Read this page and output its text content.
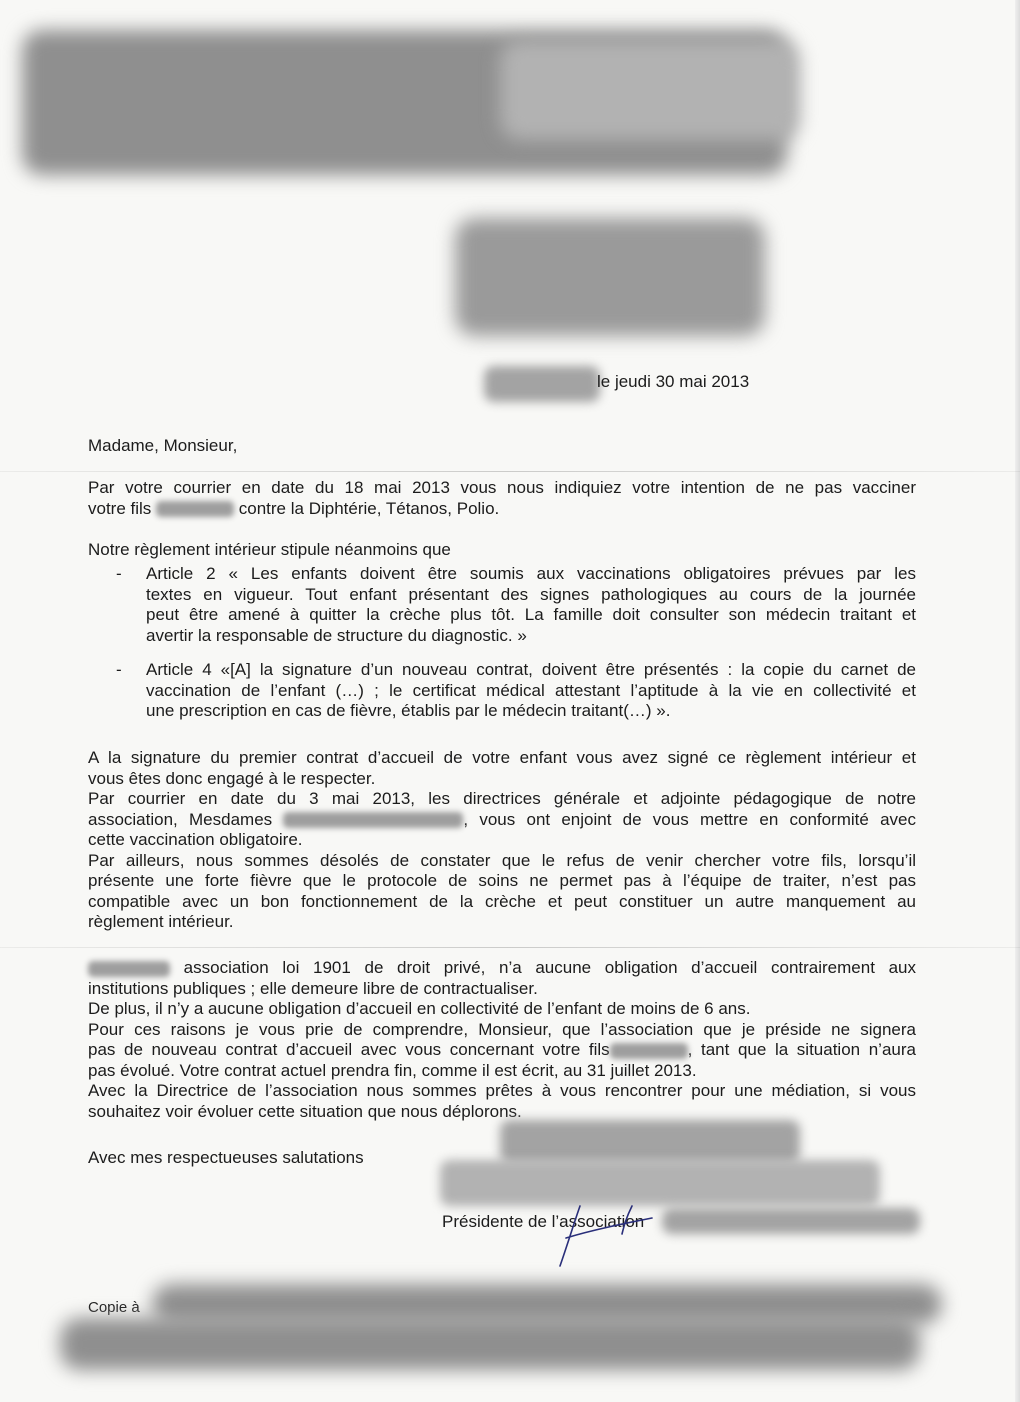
le jeudi 30 mai 2013
Madame, Monsieur,
Par votre courrier en date du 18 mai 2013 vous nous indiquiez votre intention de ne pas vacciner
votre fils	contre la Diphtérie, Tétanos, Polio.
Notre règlement intérieur stipule néanmoins que
- Article 2 « Les enfants doivent être soumis aux vaccinations obligatoires prévues par les
textes en vigueur. Tout enfant présentant des signes pathologiques au cours de la journée
peut être amené à quitter la crèche plus tôt. La famille doit consulter son médecin traitant et
avertir la responsable de structure du diagnostic. »
- Article 4 «[A] la signature d’un nouveau contrat, doivent être présentés : la copie du carnet de
vaccination de l’enfant (…) ; le certificat médical attestant l’aptitude à la vie en collectivité et
une prescription en cas de fièvre, établis par le médecin traitant(…) ».
A la signature du premier contrat d’accueil de votre enfant vous avez signé ce règlement intérieur et
vous êtes donc engagé à le respecter.
Par courrier en date du 3 mai 2013, les directrices générale et adjointe pédagogique de notre
association, Mesdames	, vous ont enjoint de vous mettre en conformité avec
cette vaccination obligatoire.
Par ailleurs, nous sommes désolés de constater que le refus de venir chercher votre fils, lorsqu’il
présente une forte fièvre que le protocole de soins ne permet pas à l’équipe de traiter, n’est pas
compatible avec un bon fonctionnement de la crèche et peut constituer un autre manquement au
règlement intérieur.
association loi 1901 de droit privé, n’a aucune obligation d’accueil contrairement aux
institutions publiques ; elle demeure libre de contractualiser.
De plus, il n’y a aucune obligation d’accueil en collectivité de l’enfant de moins de 6 ans.
Pour ces raisons je vous prie de comprendre, Monsieur, que l’association que je préside ne signera
pas de nouveau contrat d’accueil avec vous concernant votre fils	, tant que la situation n’aura
pas évolué. Votre contrat actuel prendra fin, comme il est écrit, au 31 juillet 2013.
Avec la Directrice de l’association nous sommes prêtes à vous rencontrer pour une médiation, si vous
souhaitez voir évoluer cette situation que nous déplorons.
Avec mes respectueuses salutations
Présidente de l’association
Copie à
